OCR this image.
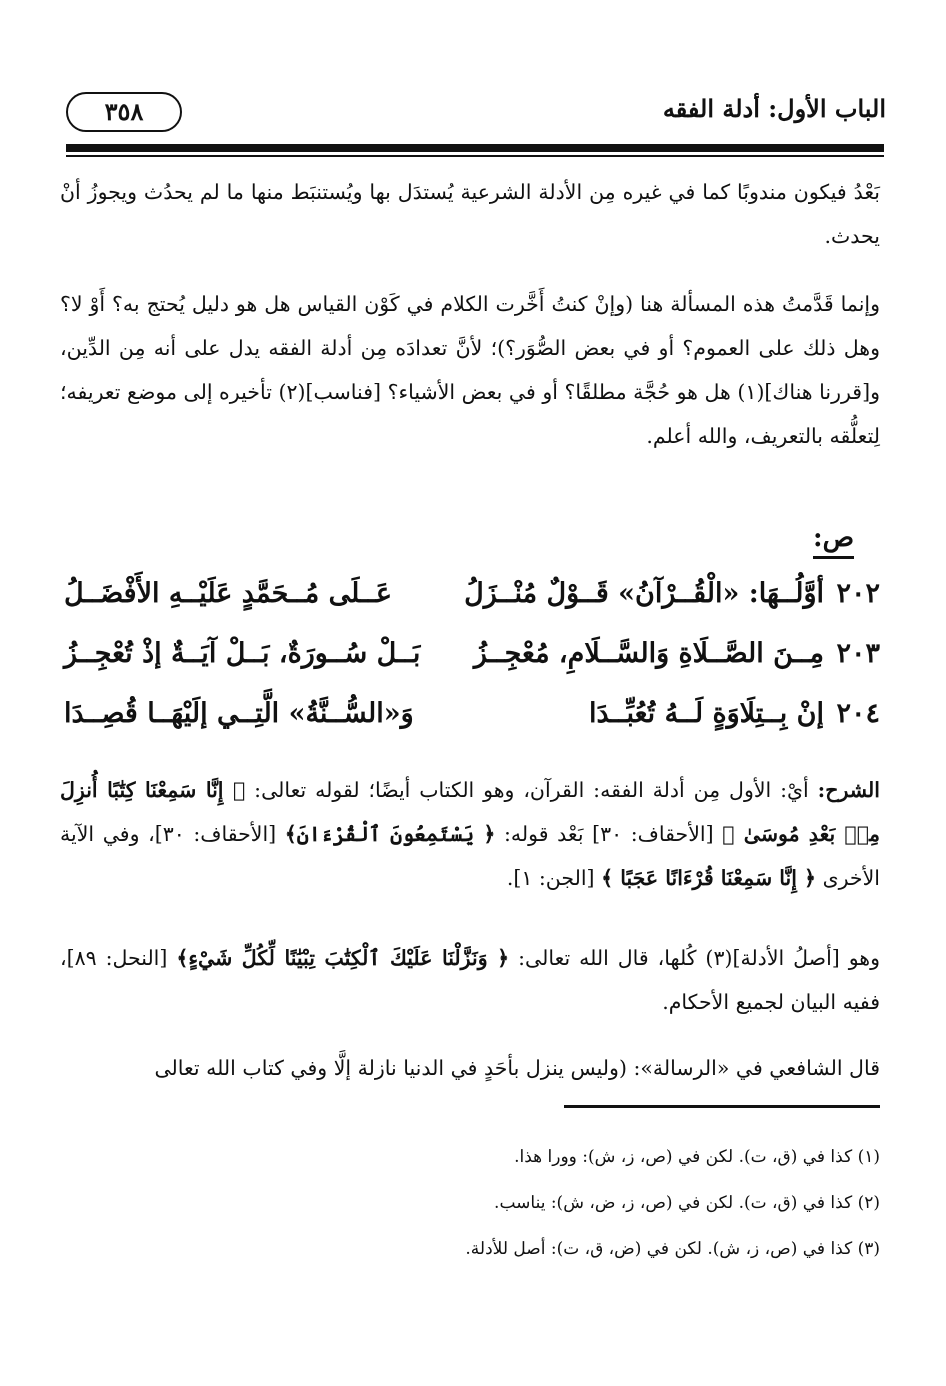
الباب الأول: أدلة الفقه
٣٥٨
بَعْدُ فيكون مندوبًا كما في غيره مِن الأدلة الشرعية يُستدَل بها ويُستنبَط منها ما لم يحدُث ويجوزُ أنْ يحدث.
وإنما قَدَّمتُ هذه المسألة هنا (وإنْ كنتُ أَخَّرت الكلام في كَوْن القياس هل هو دليل يُحتج به؟ أَوْ لا؟ وهل ذلك على العموم؟ أو في بعض الصُّوَر؟)؛ لأنَّ تعدادَه مِن أدلة الفقه يدل على أنه مِن الدِّين، و[قررنا هناك](١) هل هو حُجَّة مطلقًا؟ أو في بعض الأشياء؟ [فناسب](٢) تأخيره إلى موضع تعريفه؛ لِتعلُّقه بالتعريف، والله أعلم.
ص:
٢٠٢
أوَّلُــهَا: «الْقُــرْآنُ» قَــوْلٌ مُنْــزَلُ
عَــلَى مُــحَمَّدٍ عَلَيْــهِ الأَفْضَــلُ
٢٠٣
مِــنَ الصَّــلَاةِ وَالسَّــلَامِ، مُعْجِــزُ
بَــلْ سُــورَةٌ، بَــلْ آيَــةٌ إذْ تُعْجِــزُ
٢٠٤
إنْ بِــتِلَاوَةٍ لَــهُ تُعُبِّــدَا
وَ«السُّــنَّةُ» الَّتِــي إلَيْهَــا قُصِــدَا
الشرح: أيْ: الأول مِن أدلة الفقه: القرآن، وهو الكتاب أيضًا؛ لقوله تعالى: ﴿ إِنَّا سَمِعْنَا كِتَٰبًا أُنزِلَ مِنۢ بَعْدِ مُوسَىٰ ﴾ [الأحقاف: ٣٠] بَعْد قوله: ﴿ يَسْتَمِعُونَ ٱلْقُرْءَانَ﴾ [الأحقاف: ٣٠]، وفي الآية الأخرى ﴿ إِنَّا سَمِعْنَا قُرْءَانًا عَجَبًا ﴾ [الجن: ١].
وهو [أصلُ الأدلة](٣) كُلها، قال الله تعالى: ﴿ وَنَزَّلْنَا عَلَيْكَ ٱلْكِتَٰبَ تِبْيَٰنًا لِّكُلِّ شَيْءٍ﴾ [النحل: ٨٩]، ففيه البيان لجميع الأحكام.
قال الشافعي في «الرسالة»: (وليس ينزل بأحَدٍ في الدنيا نازلة إلَّا وفي كتاب الله تعالى
(١) كذا في (ق، ت). لكن في (ص، ز، ش): وورا هذا.
(٢) كذا في (ق، ت). لكن في (ص، ز، ض، ش): يناسب.
(٣) كذا في (ص، ز، ش). لكن في (ض، ق، ت): أصل للأدلة.
